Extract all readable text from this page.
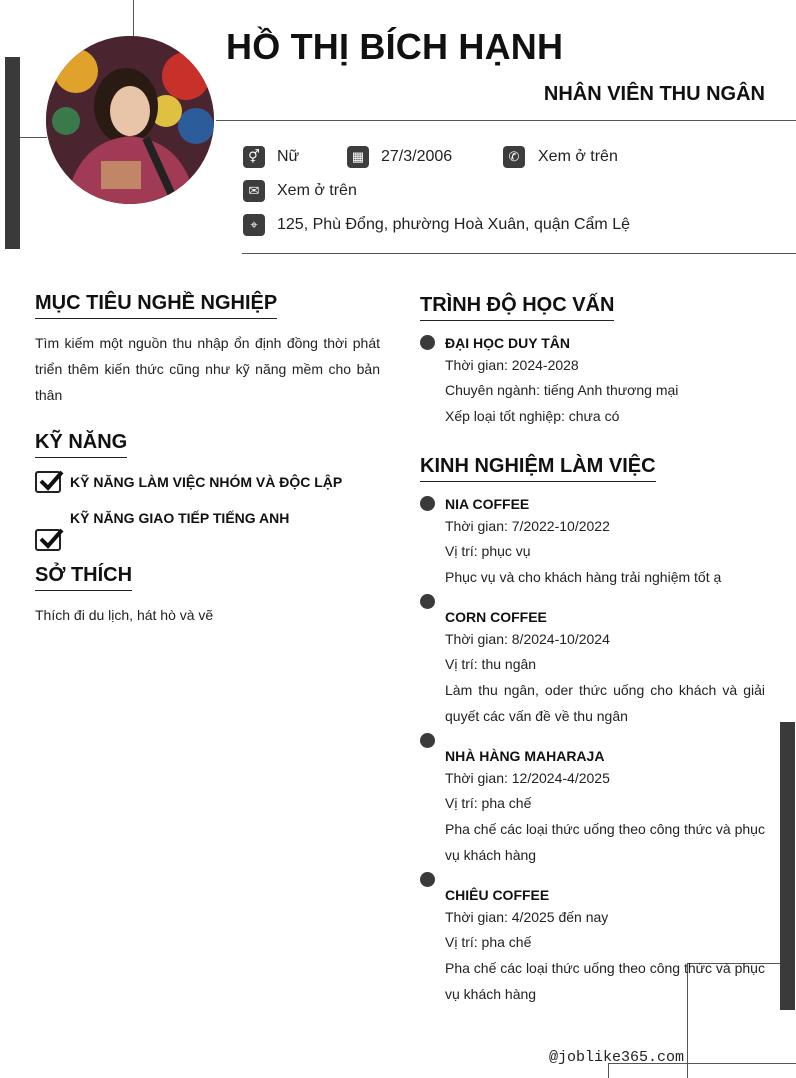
HỒ THỊ BÍCH HẠNH
NHÂN VIÊN THU NGÂN
⚥	Nữ	▦	27/3/2006	✆	Xem ở trên
✉	Xem ở trên
⌖	125, Phù Đổng, phường Hoà Xuân, quận Cẩm Lệ
MỤC TIÊU NGHỀ NGHIỆP
Tìm kiếm một nguồn thu nhập ổn định đồng thời phát triển thêm kiến thức cũng như kỹ năng mềm cho bản thân
KỸ NĂNG
KỸ NĂNG LÀM VIỆC NHÓM VÀ ĐỘC LẬP
KỸ NĂNG GIAO TIẾP TIẾNG ANH
SỞ THÍCH
Thích đi du lịch, hát hò và vẽ
TRÌNH ĐỘ HỌC VẤN
ĐẠI HỌC DUY TÂN
Thời gian: 2024-2028
Chuyên ngành: tiếng Anh thương mại
Xếp loại tốt nghiệp: chưa có
KINH NGHIỆM LÀM VIỆC
NIA COFFEE
Thời gian: 7/2022-10/2022
Vị trí: phục vụ
Phục vụ và cho khách hàng trải nghiệm tốt ạ
CORN COFFEE
Thời gian: 8/2024-10/2024
Vị trí: thu ngân
Làm thu ngân, oder thức uống cho khách và giải quyết các vấn đề về thu ngân
NHÀ HÀNG MAHARAJA
Thời gian: 12/2024-4/2025
Vị trí: pha chế
Pha chế các loại thức uống theo công thức và phục vụ khách hàng
CHIÊU COFFEE
Thời gian: 4/2025 đến nay
Vị trí: pha chế
Pha chế các loại thức uống theo công thức và phục vụ khách hàng
@joblike365.com
